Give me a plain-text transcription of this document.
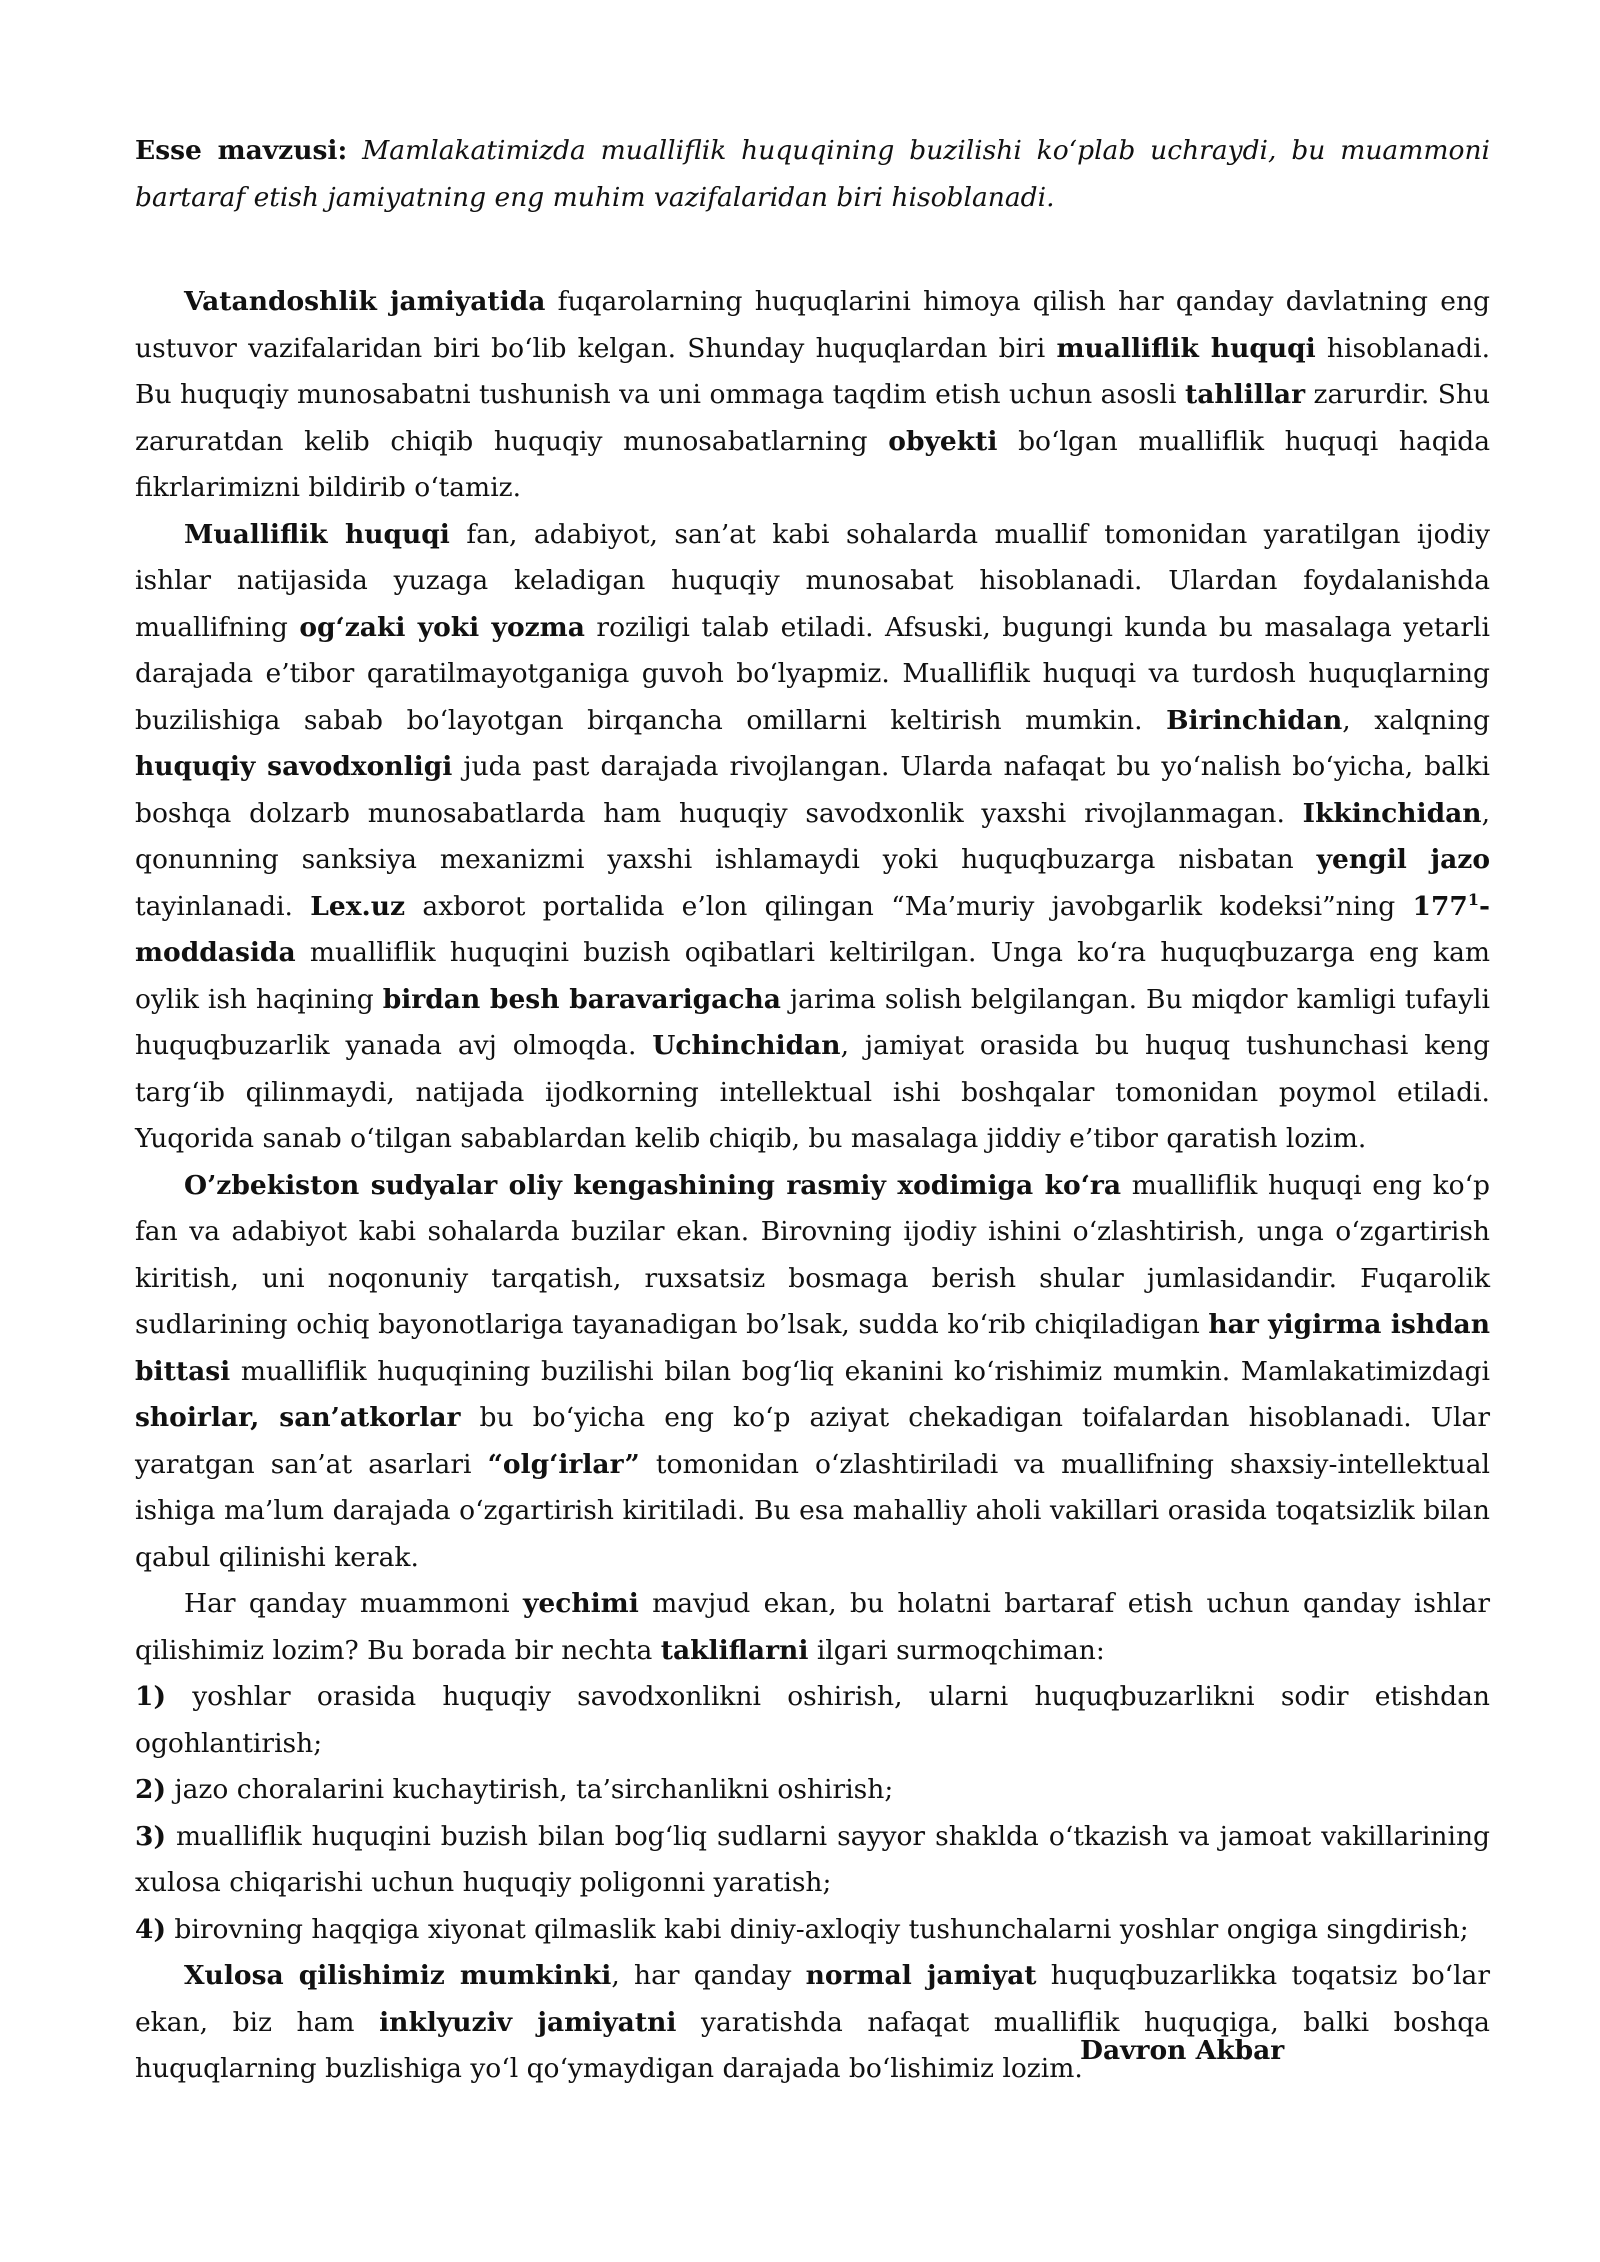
Esse mavzusi: Mamlakatimizda mualliflik huquqining buzilishi ko‘plab uchraydi, bu muammoni bartaraf etish jamiyatning eng muhim vazifalaridan biri hisoblanadi.

Vatandoshlik jamiyatida fuqarolarning huquqlarini himoya qilish har qanday davlatning eng ustuvor vazifalaridan biri bo‘lib kelgan. Shunday huquqlardan biri mualliflik huquqi hisoblanadi. Bu huquqiy munosabatni tushunish va uni ommaga taqdim etish uchun asosli tahlillar zarurdir. Shu zaruratdan kelib chiqib huquqiy munosabatlarning obyekti bo‘lgan mualliflik huquqi haqida fikrlarimizni bildirib o‘tamiz.

Mualliflik huquqi fan, adabiyot, san’at kabi sohalarda muallif tomonidan yaratilgan ijodiy ishlar natijasida yuzaga keladigan huquqiy munosabat hisoblanadi. Ulardan foydalanishda muallifning og‘zaki yoki yozma roziligi talab etiladi. Afsuski, bugungi kunda bu masalaga yetarli darajada e’tibor qaratilmayotganiga guvoh bo‘lyapmiz. Mualliflik huquqi va turdosh huquqlarning buzilishiga sabab bo‘layotgan birqancha omillarni keltirish mumkin. Birinchidan, xalqning huquqiy savodxonligi juda past darajada rivojlangan. Ularda nafaqat bu yo‘nalish bo‘yicha, balki boshqa dolzarb munosabatlarda ham huquqiy savodxonlik yaxshi rivojlanmagan. Ikkinchidan, qonunning sanksiya mexanizmi yaxshi ishlamaydi yoki huquqbuzarga nisbatan yengil jazo tayinlanadi. Lex.uz axborot portalida e’lon qilingan “Ma’muriy javobgarlik kodeksi”ning $177^1$-moddasida mualliflik huquqini buzish oqibatlari keltirilgan. Unga ko‘ra huquqbuzarga eng kam oylik ish haqining birdan besh baravarigacha jarima solish belgilangan. Bu miqdor kamligi tufayli huquqbuzarlik yanada avj olmoqda. Uchinchidan, jamiyat orasida bu huquq tushunchasi keng targ‘ib qilinmaydi, natijada ijodkorning intellektual ishi boshqalar tomonidan poymol etiladi. Yuqorida sanab o‘tilgan sabablardan kelib chiqib, bu masalaga jiddiy e’tibor qaratish lozim.

O’zbekiston sudyalar oliy kengashining rasmiy xodimiga ko‘ra mualliflik huquqi eng ko‘p fan va adabiyot kabi sohalarda buzilar ekan. Birovning ijodiy ishini o‘zlashtirish, unga o‘zgartirish kiritish, uni noqonuniy tarqatish, ruxsatsiz bosmaga berish shular jumlasidandir. Fuqarolik sudlarining ochiq bayonotlariga tayanadigan bo’lsak, sudda ko‘rib chiqiladigan har yigirma ishdan bittasi mualliflik huquqining buzilishi bilan bog‘liq ekanini ko‘rishimiz mumkin. Mamlakatimizdagi shoirlar, san’atkorlar bu bo‘yicha eng ko‘p aziyat chekadigan toifalardan hisoblanadi. Ular yaratgan san’at asarlari “olg‘irlar” tomonidan o‘zlashtiriladi va muallifning shaxsiy-intellektual ishiga ma’lum darajada o‘zgartirish kiritiladi. Bu esa mahalliy aholi vakillari orasida toqatsizlik bilan qabul qilinishi kerak.

Har qanday muammoni yechimi mavjud ekan, bu holatni bartaraf etish uchun qanday ishlar qilishimiz lozim? Bu borada bir nechta takliflarni ilgari surmoqchiman:

1) yoshlar orasida huquqiy savodxonlikni oshirish, ularni huquqbuzarlikni sodir etishdan ogohlantirish;

2) jazo choralarini kuchaytirish, ta’sirchanlikni oshirish;

3) mualliflik huquqini buzish bilan bog‘liq sudlarni sayyor shaklda o‘tkazish va jamoat vakillarining xulosa chiqarishi uchun huquqiy poligonni yaratish;

4) birovning haqqiga xiyonat qilmaslik kabi diniy-axloqiy tushunchalarni yoshlar ongiga singdirish;

Xulosa qilishimiz mumkinki, har qanday normal jamiyat huquqbuzarlikka toqatsiz bo‘lar ekan, biz ham inklyuziv jamiyatni yaratishda nafaqat mualliflik huquqiga, balki boshqa huquqlarning buzlishiga yo‘l qo‘ymaydigan darajada bo‘lishimiz lozim.

Davron Akbar
